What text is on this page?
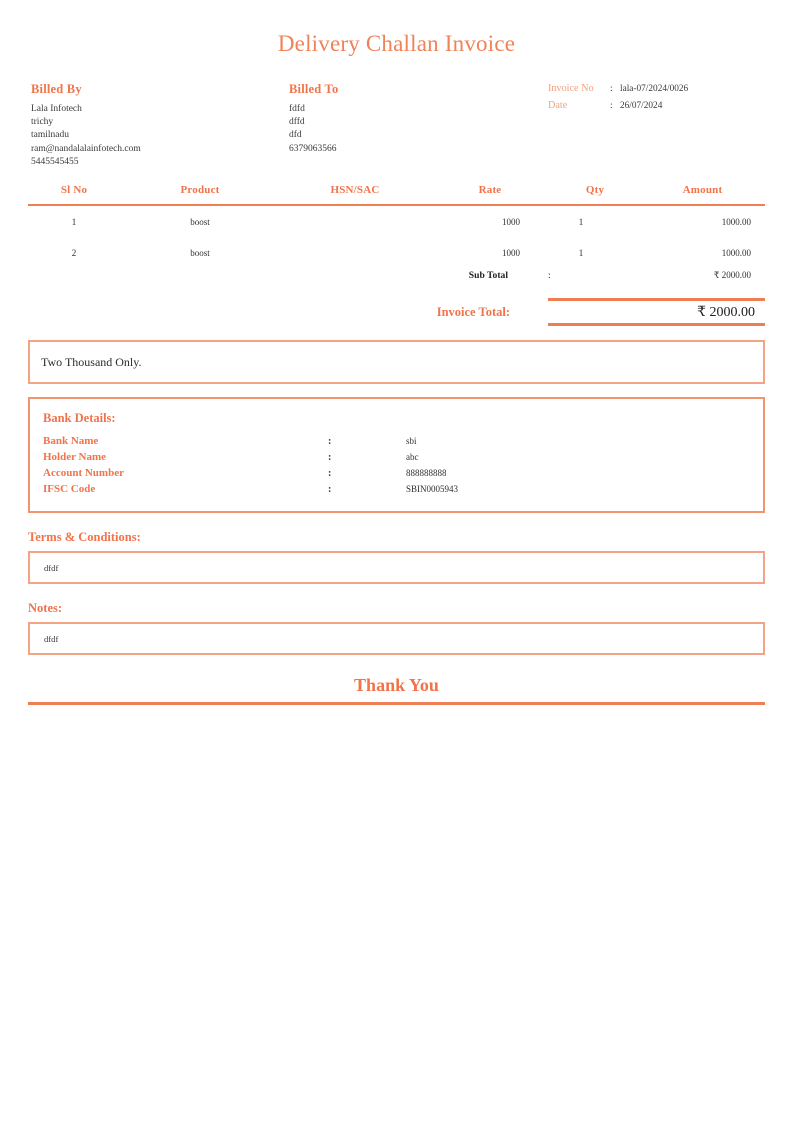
Delivery Challan Invoice
Billed By
Lala Infotech
trichy
tamilnadu
ram@nandalalainfotech.com
5445545455
Billed To
fdfd
dffd
dfd
6379063566
Invoice No	: lala-07/2024/0026
Date	: 26/07/2024
Sl No	Product	HSN/SAC	Rate	Qty	Amount
1	boost		1000	1	1000.00
2	boost		1000	1	1000.00
Sub Total	:	₹ 2000.00
Invoice Total:	₹ 2000.00
Two Thousand Only.
Bank Details:
Bank Name	:	sbi
Holder Name	:	abc
Account Number	:	888888888
IFSC Code	:	SBIN0005943
Terms & Conditions:
dfdf
Notes:
dfdf
Thank You
